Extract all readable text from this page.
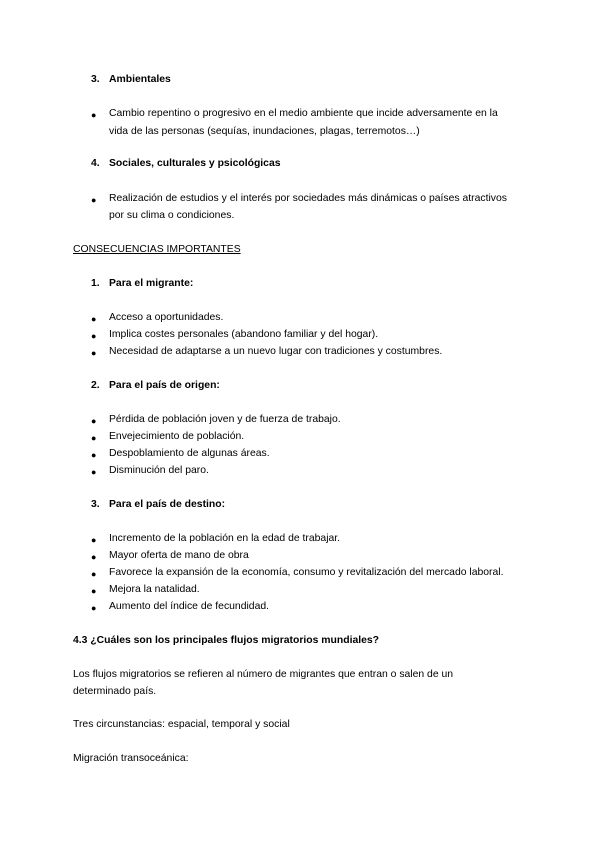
3. Ambientales
● Cambio repentino o progresivo en el medio ambiente que incide adversamente en la
vida de las personas (sequías, inundaciones, plagas, terremotos…)
4. Sociales, culturales y psicológicas
● Realización de estudios y el interés por sociedades más dinámicas o países atractivos
por su clima o condiciones.
CONSECUENCIAS IMPORTANTES
1. Para el migrante:
● Acceso a oportunidades.
● Implica costes personales (abandono familiar y del hogar).
● Necesidad de adaptarse a un nuevo lugar con tradiciones y costumbres.
2. Para el país de origen:
● Pérdida de población joven y de fuerza de trabajo.
● Envejecimiento de población.
● Despoblamiento de algunas áreas.
● Disminución del paro.
3. Para el país de destino:
● Incremento de la población en la edad de trabajar.
● Mayor oferta de mano de obra
● Favorece la expansión de la economía, consumo y revitalización del mercado laboral.
● Mejora la natalidad.
● Aumento del índice de fecundidad.
4.3 ¿Cuáles son los principales flujos migratorios mundiales?
Los flujos migratorios se refieren al número de migrantes que entran o salen de un
determinado país.
Tres circunstancias: espacial, temporal y social
Migración transoceánica:
